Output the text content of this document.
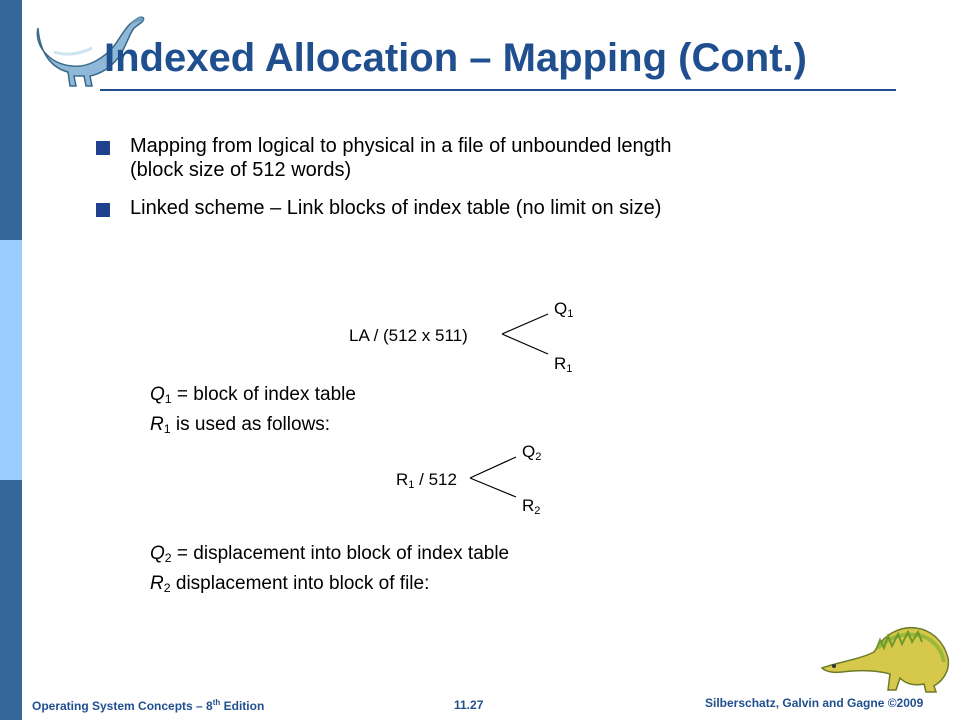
Indexed Allocation – Mapping (Cont.)
Mapping from logical to physical in a file of unbounded length
(block size of 512 words)
Linked scheme – Link blocks of index table (no limit on size)
LA / (512 x 511)
$Q_1$
$R_1$
$Q_1$ = block of index table
$R_1$ is used as follows:
$R_1 / 512$
$Q_2$
$R_2$
$Q_2$ = displacement into block of index table
$R_2$ displacement into block of file:
Operating System Concepts – 8th Edition	11.27	Silberschatz, Galvin and Gagne ©2009
